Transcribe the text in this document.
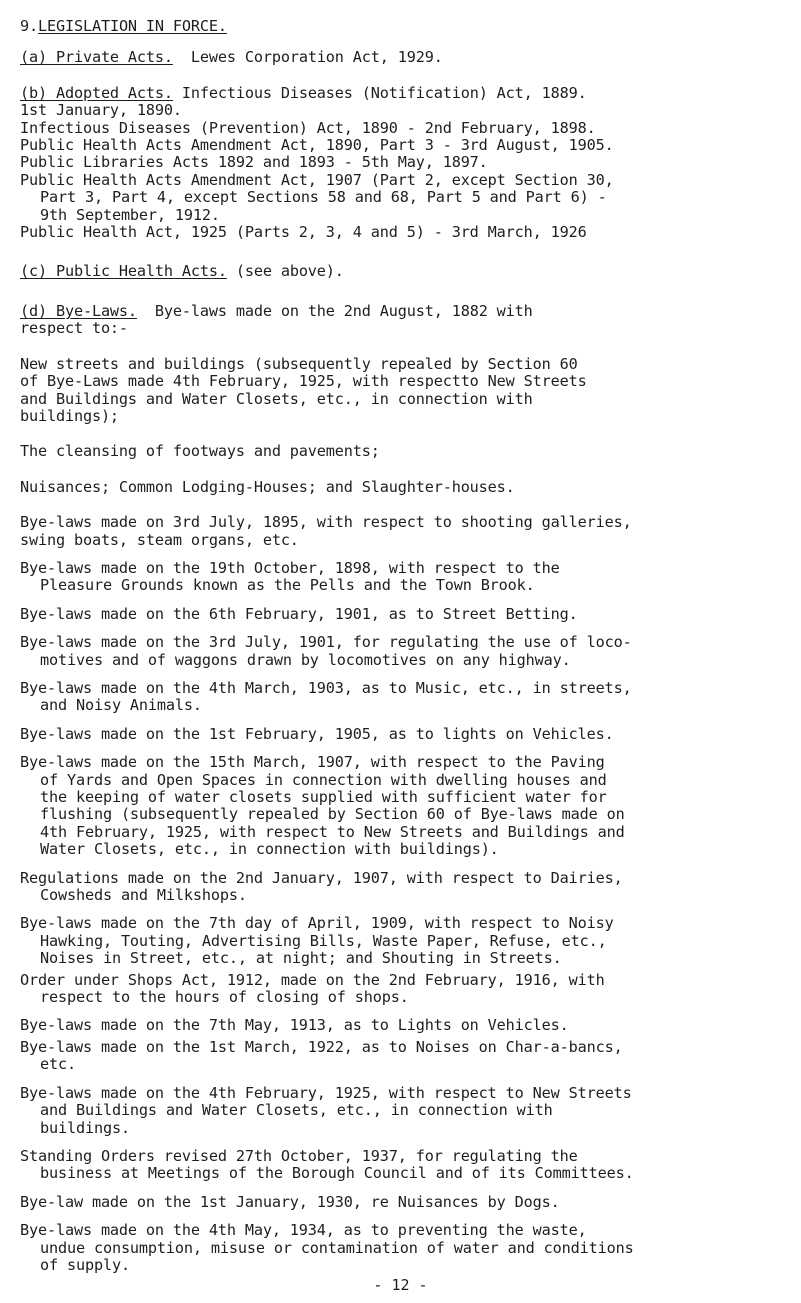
9.LEGISLATION IN FORCE.
(a) Private Acts. Lewes Corporation Act, 1929.
(b) Adopted Acts. Infectious Diseases (Notification) Act, 1889.
1st January, 1890.
Infectious Diseases (Prevention) Act, 1890 - 2nd February, 1898.
Public Health Acts Amendment Act, 1890, Part 3 - 3rd August, 1905.
Public Libraries Acts 1892 and 1893 - 5th May, 1897.
Public Health Acts Amendment Act, 1907 (Part 2, except Section 30,
Part 3, Part 4, except Sections 58 and 68, Part 5 and Part 6) -
9th September, 1912.
Public Health Act, 1925 (Parts 2, 3, 4 and 5) - 3rd March, 1926
(c) Public Health Acts. (see above).
(d) Bye-Laws. Bye-laws made on the 2nd August, 1882 with
respect to:-
New streets and buildings (subsequently repealed by Section 60
of Bye-Laws made 4th February, 1925, with respectto New Streets
and Buildings and Water Closets, etc., in connection with
buildings);
The cleansing of footways and pavements;
Nuisances; Common Lodging-Houses; and Slaughter-houses.
Bye-laws made on 3rd July, 1895, with respect to shooting galleries,
swing boats, steam organs, etc.
Bye-laws made on the 19th October, 1898, with respect to the
Pleasure Grounds known as the Pells and the Town Brook.
Bye-laws made on the 6th February, 1901, as to Street Betting.
Bye-laws made on the 3rd July, 1901, for regulating the use of loco-
motives and of waggons drawn by locomotives on any highway.
Bye-laws made on the 4th March, 1903, as to Music, etc., in streets,
and Noisy Animals.
Bye-laws made on the 1st February, 1905, as to lights on Vehicles.
Bye-laws made on the 15th March, 1907, with respect to the Paving
of Yards and Open Spaces in connection with dwelling houses and
the keeping of water closets supplied with sufficient water for
flushing (subsequently repealed by Section 60 of Bye-laws made on
4th February, 1925, with respect to New Streets and Buildings and
Water Closets, etc., in connection with buildings).
Regulations made on the 2nd January, 1907, with respect to Dairies,
Cowsheds and Milkshops.
Bye-laws made on the 7th day of April, 1909, with respect to Noisy
Hawking, Touting, Advertising Bills, Waste Paper, Refuse, etc.,
Noises in Street, etc., at night; and Shouting in Streets.
Order under Shops Act, 1912, made on the 2nd February, 1916, with
respect to the hours of closing of shops.
Bye-laws made on the 7th May, 1913, as to Lights on Vehicles.
Bye-laws made on the 1st March, 1922, as to Noises on Char-a-bancs,
etc.
Bye-laws made on the 4th February, 1925, with respect to New Streets
and Buildings and Water Closets, etc., in connection with
buildings.
Standing Orders revised 27th October, 1937, for regulating the
business at Meetings of the Borough Council and of its Committees.
Bye-law made on the 1st January, 1930, re Nuisances by Dogs.
Bye-laws made on the 4th May, 1934, as to preventing the waste,
undue consumption, misuse or contamination of water and conditions
of supply.
- 12 -
